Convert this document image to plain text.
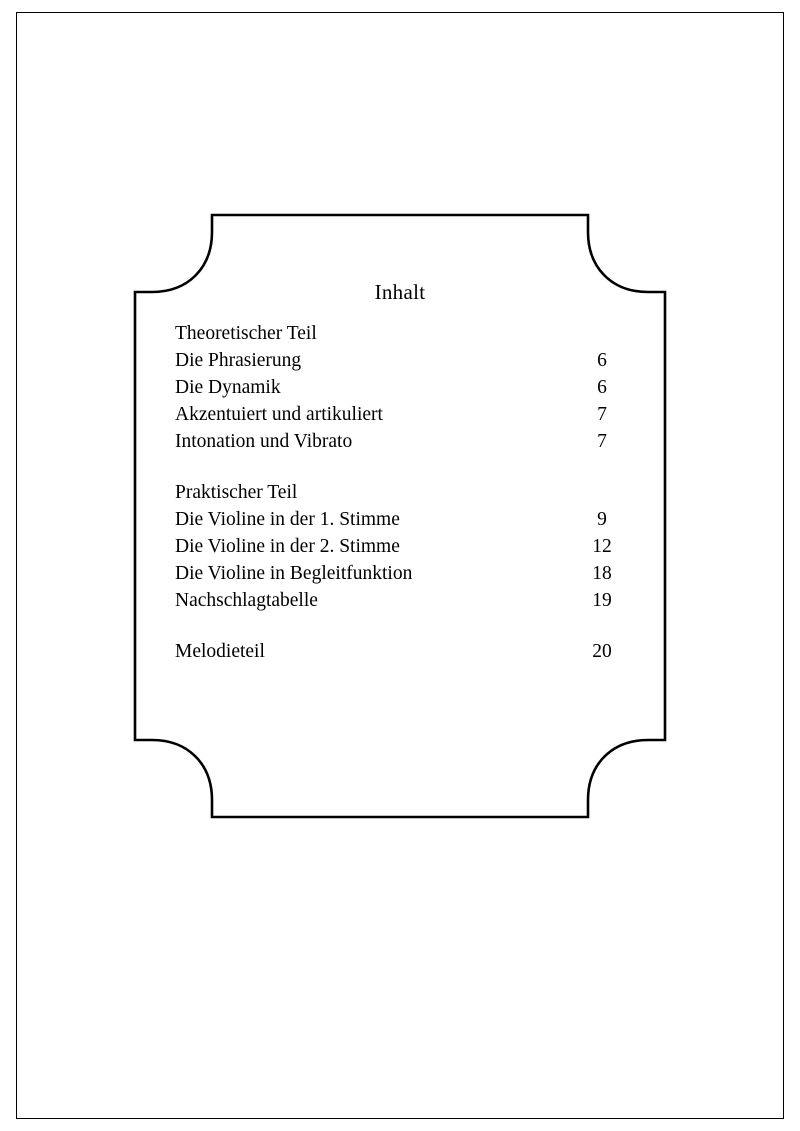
Inhalt
Theoretischer Teil
Die Phrasierung	6
Die Dynamik	6
Akzentuiert und artikuliert	7
Intonation und Vibrato	7
Praktischer Teil
Die Violine in der 1. Stimme	9
Die Violine in der 2. Stimme	12
Die Violine in Begleitfunktion	18
Nachschlagtabelle	19
Melodieteil	20
